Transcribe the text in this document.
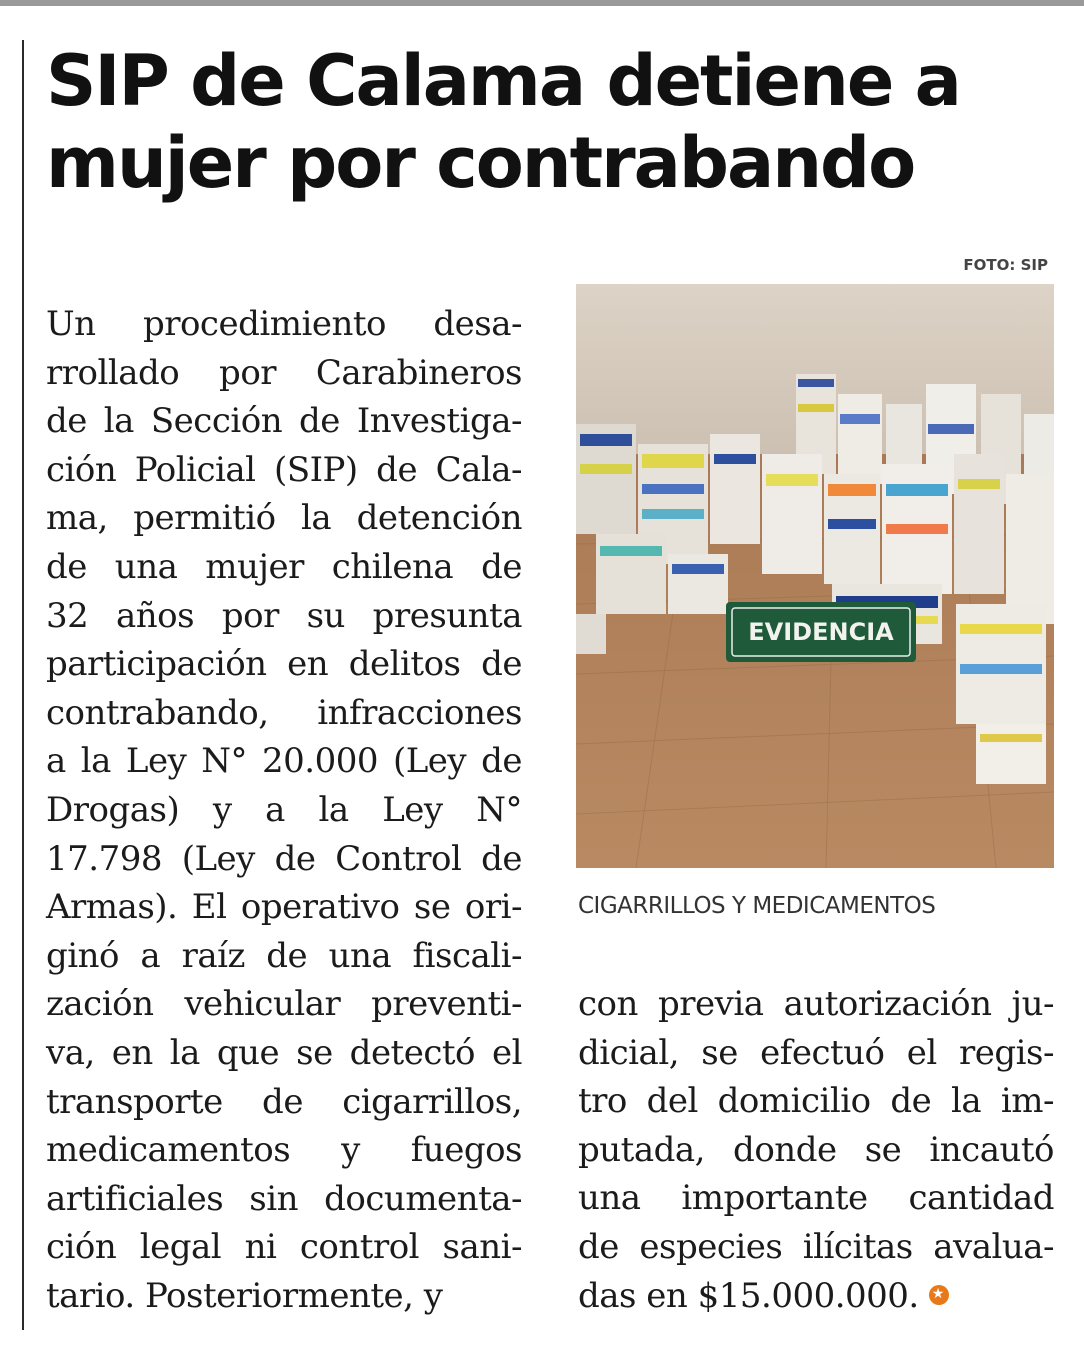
SIP de Calama detiene a
mujer por contrabando
FOTO: SIP
EVIDENCIA
CIGARRILLOS Y MEDICAMENTOS
Un procedimiento desa-
rrollado por Carabineros
de la Sección de Investiga-
ción Policial (SIP) de Cala-
ma, permitió la detención
de una mujer chilena de
32 años por su presunta
participación en delitos de
contrabando, infracciones
a la Ley N° 20.000 (Ley de
Drogas) y a la Ley N°
17.798 (Ley de Control de
Armas). El operativo se ori-
ginó a raíz de una fiscali-
zación vehicular preventi-
va, en la que se detectó el
transporte de cigarrillos,
medicamentos y fuegos
artificiales sin documenta-
ción legal ni control sani-
tario. Posteriormente, y
con previa autorización ju-
dicial, se efectuó el regis-
tro del domicilio de la im-
putada, donde se incautó
una importante cantidad
de especies ilícitas avalua-
das en $15.000.000.★
